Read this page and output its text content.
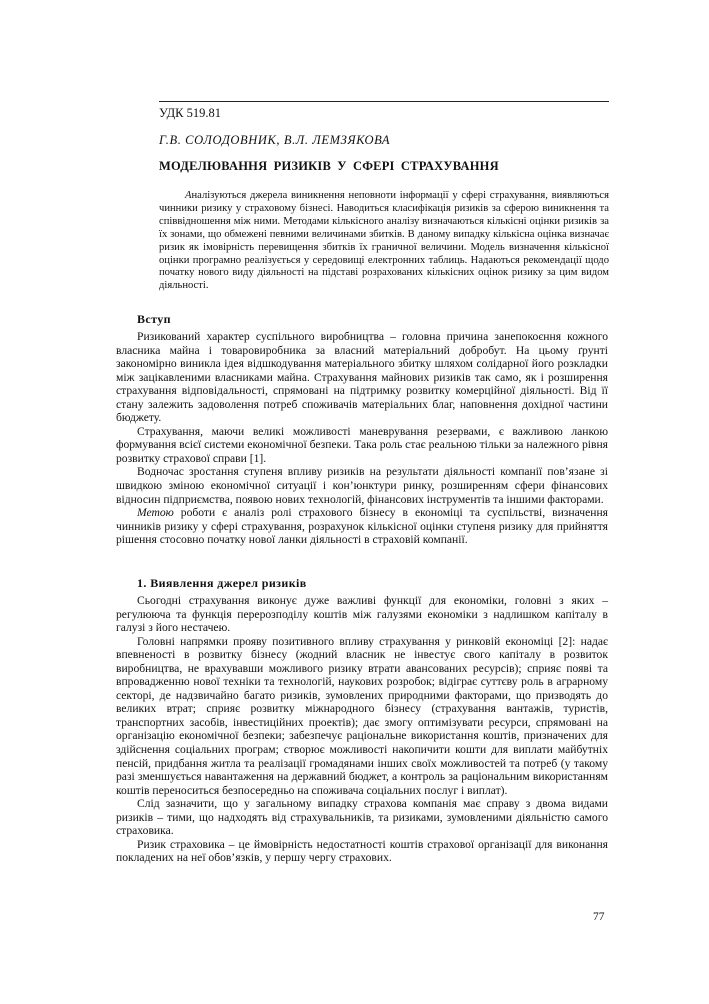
УДК 519.81
Г.В. СОЛОДОВНИК, В.Л. ЛЕМЗЯКОВА
МОДЕЛЮВАННЯ РИЗИКІВ У СФЕРІ СТРАХУВАННЯ

Аналізуються джерела виникнення неповноти інформації у сфері страхування, виявляються чинники ризику у страховому бізнесі. Наводиться класифікація ризиків за сферою виникнення та співвідношення між ними. Методами кількісного аналізу визначаються кількісні оцінки ризиків за їх зонами, що обмежені певними величинами збитків. В даному випадку кількісна оцінка визначає ризик як імовірність перевищення збитків їх граничної величини. Модель визначення кількісної оцінки програмно реалізується у середовищі електронних таблиць. Надаються рекомендації щодо початку нового виду діяльності на підставі розрахованих кількісних оцінок ризику за цим видом діяльності.

Вступ

Ризикований характер суспільного виробництва – головна причина занепокоєння кожного власника майна і товаровиробника за власний матеріальний добробут. На цьому ґрунті закономірно виникла ідея відшкодування матеріального збитку шляхом солідарної його розкладки між зацікавленими власниками майна. Страхування майнових ризиків так само, як і розширення страхування відповідальності, спрямовані на підтримку розвитку комерційної діяльності. Від її стану залежить задоволення потреб споживачів матеріальних благ, наповнення дохідної частини бюджету.

Страхування, маючи великі можливості маневрування резервами, є важливою ланкою формування всієї системи економічної безпеки. Така роль стає реальною тільки за належного рівня розвитку страхової справи [1].

Водночас зростання ступеня впливу ризиків на результати діяльності компанії пов’язане зі швидкою зміною економічної ситуації і кон’юнктури ринку, розширенням сфери фінансових відносин підприємства, появою нових технологій, фінансових інструментів та іншими факторами.

Метою роботи є аналіз ролі страхового бізнесу в економіці та суспільстві, визначення чинників ризику у сфері страхування, розрахунок кількісної оцінки ступеня ризику для прийняття рішення стосовно початку нової ланки діяльності в страховій компанії.

1. Виявлення джерел ризиків

Сьогодні страхування виконує дуже важливі функції для економіки, головні з яких – регулююча та функція перерозподілу коштів між галузями економіки з надлишком капіталу в галузі з його нестачею.

Головні напрямки прояву позитивного впливу страхування у ринковій економіці [2]: надає впевненості в розвитку бізнесу (жодний власник не інвестує свого капіталу в розвиток виробництва, не врахувавши можливого ризику втрати авансованих ресурсів); сприяє появі та впровадженню нової техніки та технологій, наукових розробок; відіграє суттєву роль в аграрному секторі, де надзвичайно багато ризиків, зумовлених природними факторами, що призводять до великих втрат; сприяє розвитку міжнародного бізнесу (страхування вантажів, туристів, транспортних засобів, інвестиційних проектів); дає змогу оптимізувати ресурси, спрямовані на організацію економічної безпеки; забезпечує раціональне використання коштів, призначених для здійснення соціальних програм; створює можливості накопичити кошти для виплати майбутніх пенсій, придбання житла та реалізації громадянами інших своїх можливостей та потреб (у такому разі зменшується навантаження на державний бюджет, а контроль за раціональним використанням коштів переноситься безпосередньо на споживача соціальних послуг і виплат).

Слід зазначити, що у загальному випадку страхова компанія має справу з двома видами ризиків – тими, що надходять від страхувальників, та ризиками, зумовленими діяльністю самого страховика.

Ризик страховика – це ймовірність недостатності коштів страхової організації для виконання покладених на неї обов’язків, у першу чергу страхових.

77
